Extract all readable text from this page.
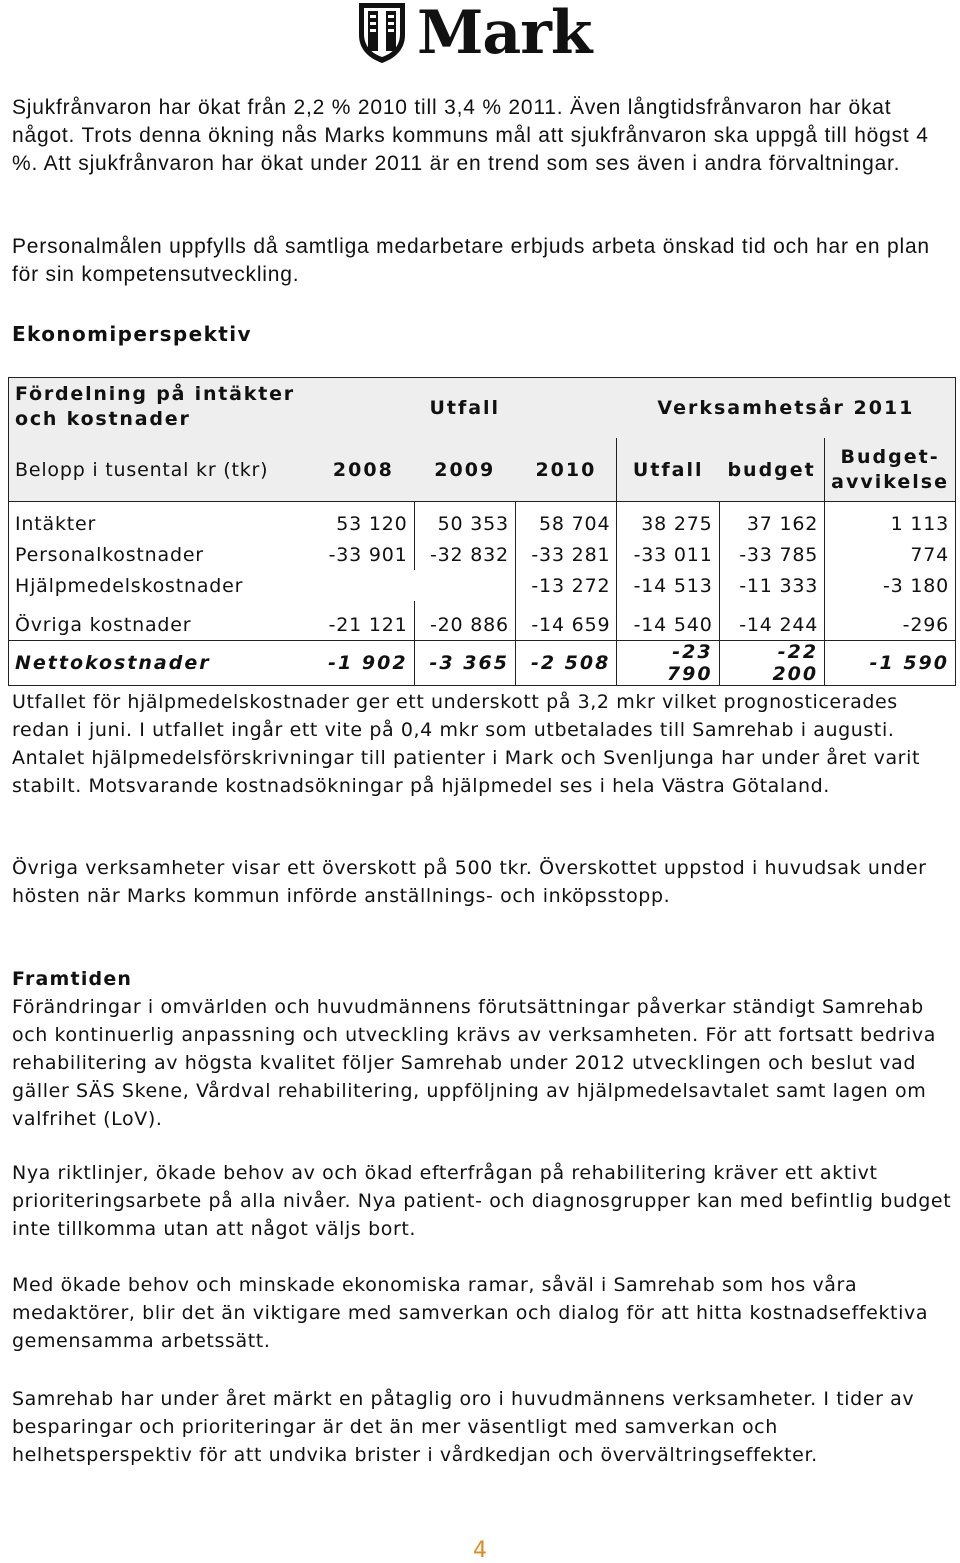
Mark

Sjukfrånvaron har ökat från 2,2 % 2010 till 3,4 % 2011. Även långtidsfrånvaron har ökat något. Trots denna ökning nås Marks kommuns mål att sjukfrånvaron ska uppgå till högst 4 %. Att sjukfrånvaron har ökat under 2011 är en trend som ses även i andra förvaltningar.

Personalmålen uppfylls då samtliga medarbetare erbjuds arbeta önskad tid och har en plan för sin kompetensutveckling.

Ekonomiperspektiv
Fördelning på intäkter
och kostnader	Utfall			Verksamhetsår 2011		
Belopp i tusental kr (tkr)	2008	2009	2010	Utfall	budget	Budget-
avvikelse
Intäkter	53 120	50 353	58 704	38 275	37 162	1 113
Personalkostnader	-33 901	-32 832	-33 281	-33 011	-33 785	774
Hjälpmedelskostnader			-13 272	-14 513	-11 333	-3 180
Övriga kostnader	-21 121	-20 886	-14 659	-14 540	-14 244	-296
Nettokostnader	-1 902	-3 365	-2 508	-23 790	-22 200	-1 590

Utfallet för hjälpmedelskostnader ger ett underskott på 3,2 mkr vilket prognosticerades redan i juni. I utfallet ingår ett vite på 0,4 mkr som utbetalades till Samrehab i augusti. Antalet hjälpmedelsförskrivningar till patienter i Mark och Svenljunga har under året varit stabilt. Motsvarande kostnadsökningar på hjälpmedel ses i hela Västra Götaland.

Övriga verksamheter visar ett överskott på 500 tkr. Överskottet uppstod i huvudsak under hösten när Marks kommun införde anställnings- och inköpsstopp.

Framtiden
Förändringar i omvärlden och huvudmännens förutsättningar påverkar ständigt Samrehab och kontinuerlig anpassning och utveckling krävs av verksamheten. För att fortsatt bedriva rehabilitering av högsta kvalitet följer Samrehab under 2012 utvecklingen och beslut vad gäller SÄS Skene, Vårdval rehabilitering, uppföljning av hjälpmedelsavtalet samt lagen om valfrihet (LoV).

Nya riktlinjer, ökade behov av och ökad efterfrågan på rehabilitering kräver ett aktivt prioriteringsarbete på alla nivåer. Nya patient- och diagnosgrupper kan med befintlig budget inte tillkomma utan att något väljs bort.

Med ökade behov och minskade ekonomiska ramar, såväl i Samrehab som hos våra medaktörer, blir det än viktigare med samverkan och dialog för att hitta kostnadseffektiva gemensamma arbetssätt.

Samrehab har under året märkt en påtaglig oro i huvudmännens verksamheter. I tider av besparingar och prioriteringar är det än mer väsentligt med samverkan och helhetsperspektiv för att undvika brister i vårdkedjan och övervältringseffekter.

4
